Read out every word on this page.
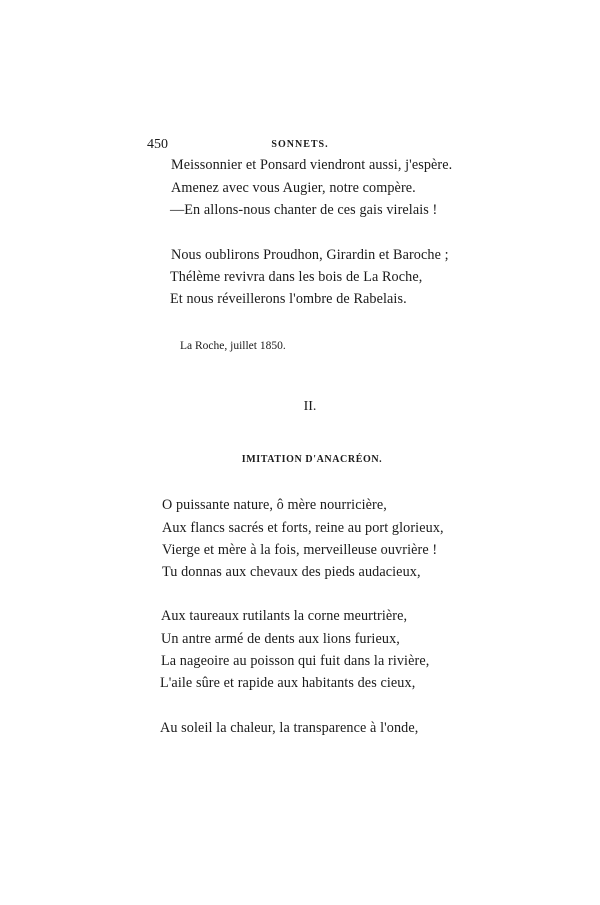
450	SONNETS.
Meissonnier et Ponsard viendront aussi, j'espère.
Amenez avec vous Augier, notre compère.
—En allons-nous chanter de ces gais virelais !
Nous oublirons Proudhon, Girardin et Baroche ;
Thélème revivra dans les bois de La Roche,
Et nous réveillerons l'ombre de Rabelais.
La Roche, juillet 1850.
II.
IMITATION D'ANACRÉON.
O puissante nature, ô mère nourricière,
Aux flancs sacrés et forts, reine au port glorieux,
Vierge et mère à la fois, merveilleuse ouvrière !
Tu donnas aux chevaux des pieds audacieux,
Aux taureaux rutilants la corne meurtrière,
Un antre armé de dents aux lions furieux,
La nageoire au poisson qui fuit dans la rivière,
L'aile sûre et rapide aux habitants des cieux,
Au soleil la chaleur, la transparence à l'onde,
